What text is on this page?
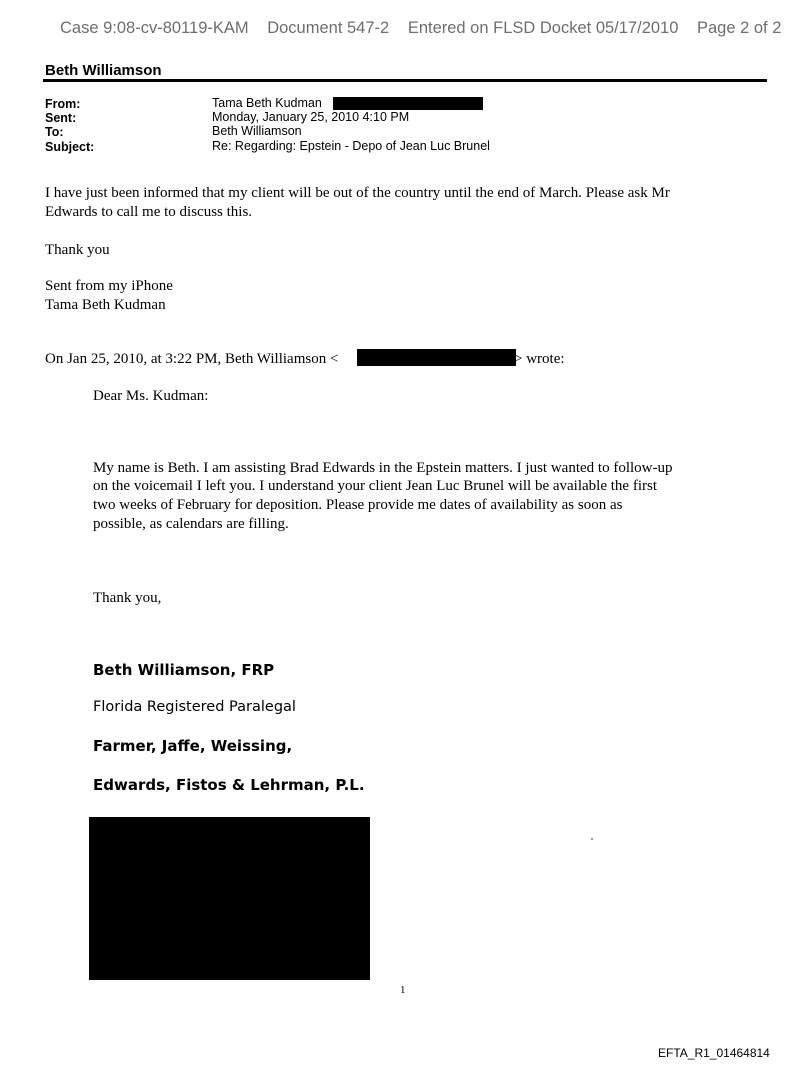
Case 9:08-cv-80119-KAM Document 547-2 Entered on FLSD Docket 05/17/2010 Page 2 of 2
Beth Williamson
From:	Tama Beth Kudman
Sent:	Monday, January 25, 2010 4:10 PM
To:	Beth Williamson
Subject:	Re: Regarding: Epstein - Depo of Jean Luc Brunel
I have just been informed that my client will be out of the country until the end of March. Please ask Mr
Edwards to call me to discuss this.
Thank you
Sent from my iPhone
Tama Beth Kudman
On Jan 25, 2010, at 3:22 PM, Beth Williamson <	> wrote:
Dear Ms. Kudman:
My name is Beth. I am assisting Brad Edwards in the Epstein matters. I just wanted to follow-up
on the voicemail I left you. I understand your client Jean Luc Brunel will be available the first
two weeks of February for deposition. Please provide me dates of availability as soon as
possible, as calendars are filling.
Thank you,
Beth Williamson, FRP
Florida Registered Paralegal
Farmer, Jaffe, Weissing,
Edwards, Fistos & Lehrman, P.L.
1
EFTA_R1_01464814
